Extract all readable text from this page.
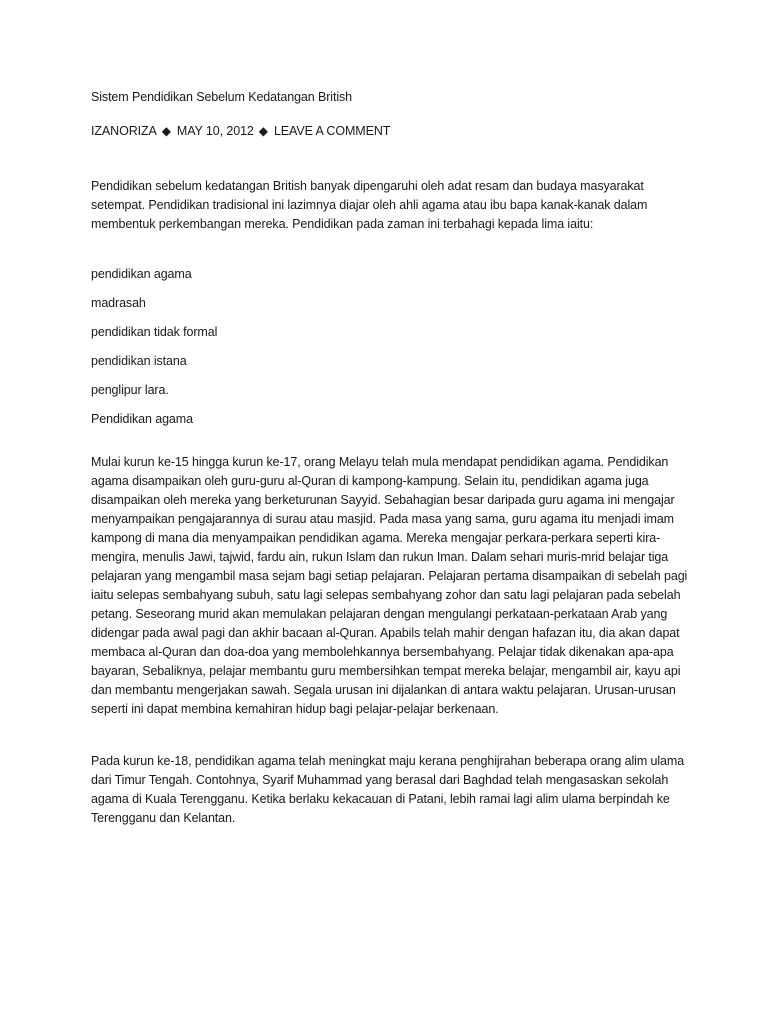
Sistem Pendidikan Sebelum Kedatangan British

IZANORIZA ◆ MAY 10, 2012 ◆ LEAVE A COMMENT

Pendidikan sebelum kedatangan British banyak dipengaruhi oleh adat resam dan budaya masyarakat setempat. Pendidikan tradisional ini lazimnya diajar oleh ahli agama atau ibu bapa kanak-kanak dalam membentuk perkembangan mereka. Pendidikan pada zaman ini terbahagi kepada lima iaitu:

pendidikan agama
madrasah
pendidikan tidak formal
pendidikan istana
penglipur lara.
Pendidikan agama

Mulai kurun ke-15 hingga kurun ke-17, orang Melayu telah mula mendapat pendidikan agama. Pendidikan agama disampaikan oleh guru-guru al-Quran di kampong-kampung. Selain itu, pendidikan agama juga disampaikan oleh mereka yang berketurunan Sayyid. Sebahagian besar daripada guru agama ini mengajar menyampaikan pengajarannya di surau atau masjid. Pada masa yang sama, guru agama itu menjadi imam kampong di mana dia menyampaikan pendidikan agama. Mereka mengajar perkara-perkara seperti kira-mengira, menulis Jawi, tajwid, fardu ain, rukun Islam dan rukun Iman. Dalam sehari muris-mrid belajar tiga pelajaran yang mengambil masa sejam bagi setiap pelajaran. Pelajaran pertama disampaikan di sebelah pagi iaitu selepas sembahyang subuh, satu lagi selepas sembahyang zohor dan satu lagi pelajaran pada sebelah petang. Seseorang murid akan memulakan pelajaran dengan mengulangi perkataan-perkataan Arab yang didengar pada awal pagi dan akhir bacaan al-Quran. Apabils telah mahir dengan hafazan itu, dia akan dapat membaca al-Quran dan doa-doa yang membolehkannya bersembahyang. Pelajar tidak dikenakan apa-apa bayaran, Sebaliknya, pelajar membantu guru membersihkan tempat mereka belajar, mengambil air, kayu api dan membantu mengerjakan sawah. Segala urusan ini dijalankan di antara waktu pelajaran. Urusan-urusan seperti ini dapat membina kemahiran hidup bagi pelajar-pelajar berkenaan.

Pada kurun ke-18, pendidikan agama telah meningkat maju kerana penghijrahan beberapa orang alim ulama dari Timur Tengah. Contohnya, Syarif Muhammad yang berasal dari Baghdad telah mengasaskan sekolah agama di Kuala Terengganu. Ketika berlaku kekacauan di Patani, lebih ramai lagi alim ulama berpindah ke Terengganu dan Kelantan.
